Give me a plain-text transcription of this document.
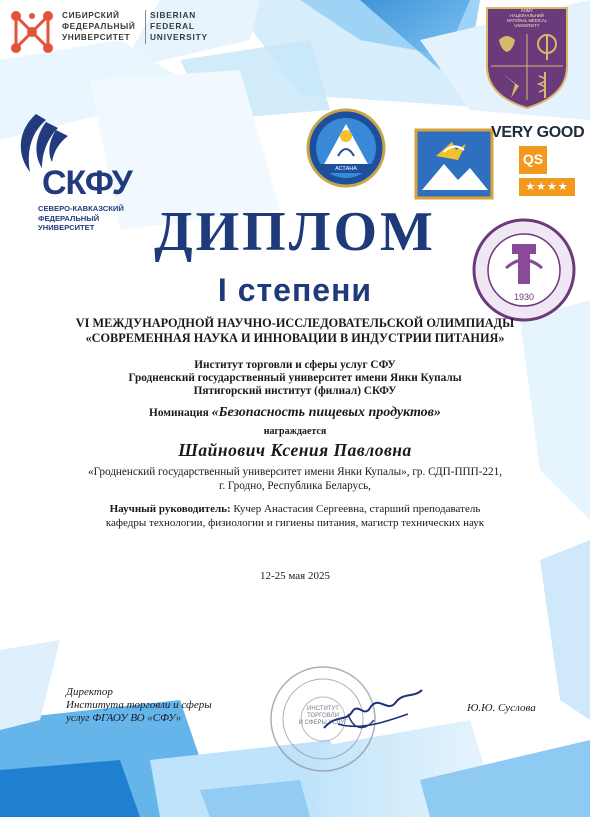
СИБИРСКИЙ
ФЕДЕРАЛЬНЫЙ
УНИВЕРСИТЕТ
SIBERIAN
FEDERAL
UNIVERSITY
КНМУ
НАЦІОНАЛЬНИЙ
NATIONAL MEDICAL
UNIVERSITY
СКФУ
СЕВЕРО-КАВКАЗСКИЙ
ФЕДЕРАЛЬНЫЙ
УНИВЕРСИТЕТ
АСТАНА
VERY GOOD
QS
★★★★
1930
ДИПЛОМ
I степени
VI МЕЖДУНАРОДНОЙ НАУЧНО-ИССЛЕДОВАТЕЛЬСКОЙ ОЛИМПИАДЫ
«СОВРЕМЕННАЯ НАУКА И ИННОВАЦИИ В ИНДУСТРИИ ПИТАНИЯ»
Институт торговли и сферы услуг СФУ
Гродненский государственный университет имени Янки Купалы
Пятигорский институт (филиал) СКФУ
Номинация «Безопасность пищевых продуктов»
награждается
Шайнович Ксения Павловна
«Гродненский государственный университет имени Янки Купалы», гр. СДП-ППП-221,
г. Гродно, Республика Беларусь,
Научный руководитель: Кучер Анастасия Сергеевна, старший преподаватель
кафедры технологии, физиологии и гигиены питания, магистр технических наук
12-25 мая 2025
Директор
Института торговли и сферы
услуг ФГАОУ ВО «СФУ»
ИНСТИТУТ
ТОРГОВЛИ
И СФЕРЫ УСЛУГ
Ю.Ю. Суслова
